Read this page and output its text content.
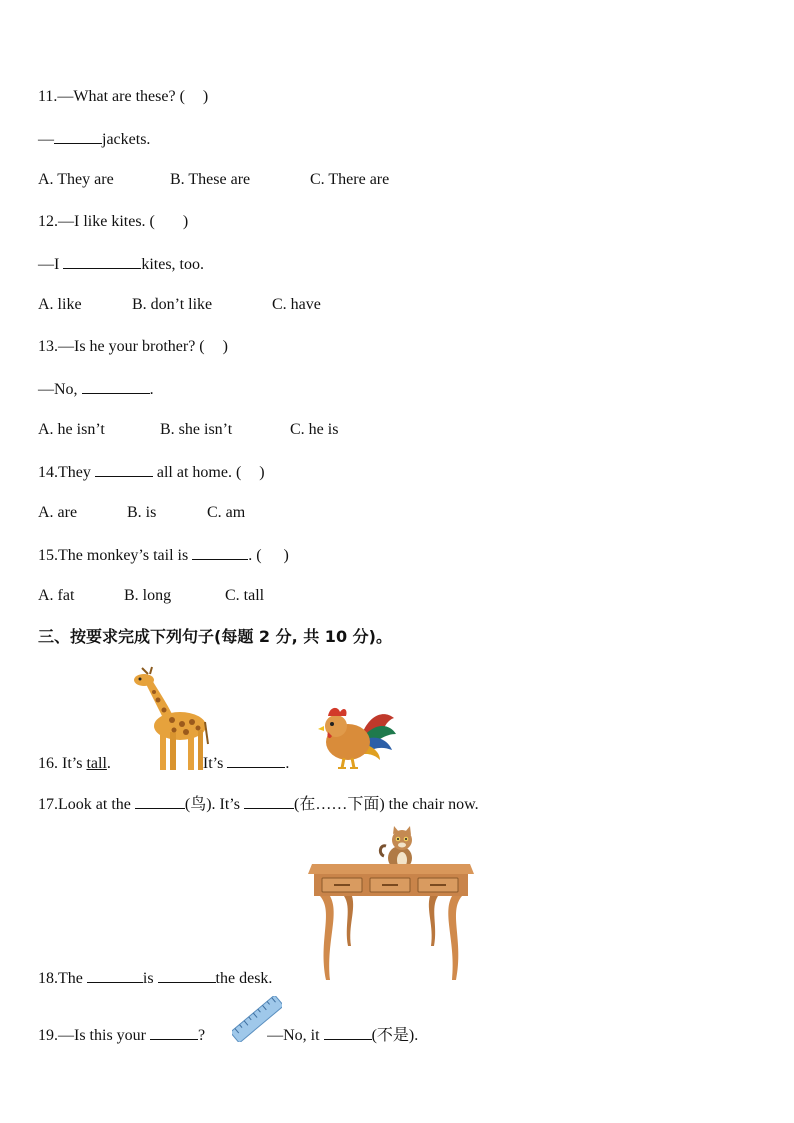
11.—What are these? ( )
—	jackets.
A. They are	B. These are	C. There are
12.—I like kites. ( )
—I	kites, too.
A. like	B. don’t like	C. have
13.—Is he your brother? ( )
—No,	.
A. he isn’t	B. she isn’t	C. he is
14.They	all at home. ( )
A. are	B. is	C. am
15.The monkey’s tail is	. ( )
A. fat	B. long	C. tall
三、按要求完成下列句子(每题 2 分, 共 10 分)。
16. It’s tall.	It’s	.
17.Look at the	(鸟). It’s	(在……下面) the chair now.
18.The	is	the desk.
19.—Is this your	?	—No, it	(不是).
